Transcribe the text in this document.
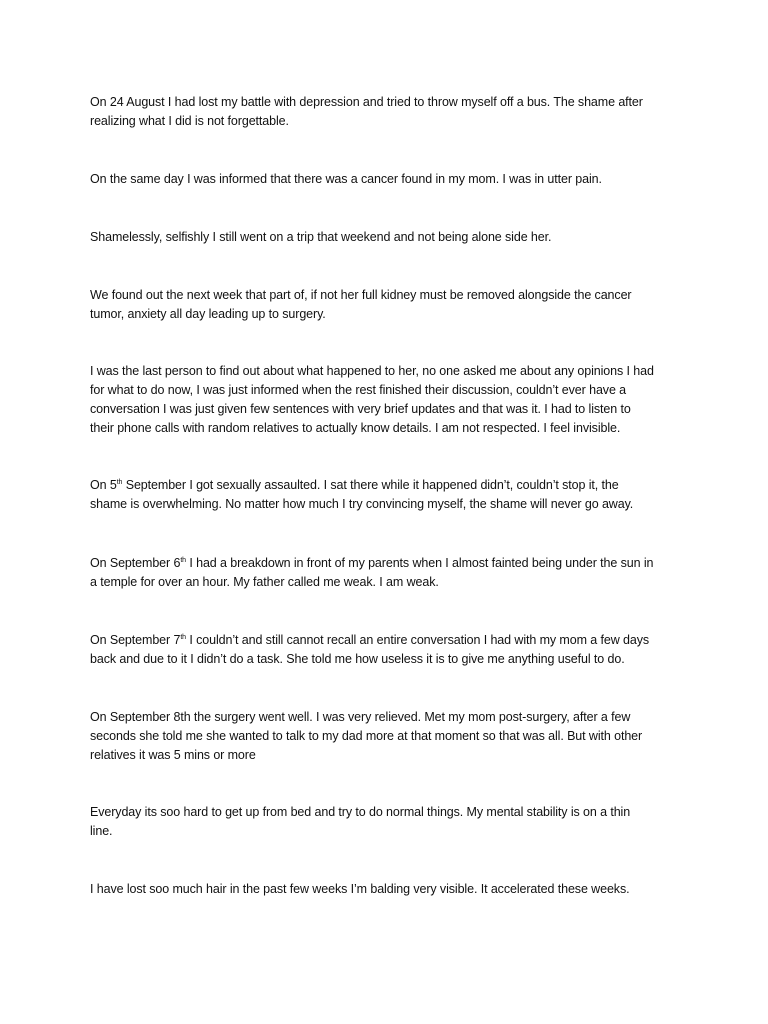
On 24 August I had lost my battle with depression and tried to throw myself off a bus. The shame after
realizing what I did is not forgettable.

On the same day I was informed that there was a cancer found in my mom. I was in utter pain.

Shamelessly, selfishly I still went on a trip that weekend and not being alone side her.

We found out the next week that part of, if not her full kidney must be removed alongside the cancer
tumor, anxiety all day leading up to surgery.

I was the last person to find out about what happened to her, no one asked me about any opinions I had
for what to do now, I was just informed when the rest finished their discussion, couldn’t ever have a
conversation I was just given few sentences with very brief updates and that was it. I had to listen to
their phone calls with random relatives to actually know details. I am not respected. I feel invisible.

On 5th September I got sexually assaulted. I sat there while it happened didn’t, couldn’t stop it, the
shame is overwhelming. No matter how much I try convincing myself, the shame will never go away.

On September 6th I had a breakdown in front of my parents when I almost fainted being under the sun in
a temple for over an hour. My father called me weak. I am weak.

On September 7th I couldn’t and still cannot recall an entire conversation I had with my mom a few days
back and due to it I didn’t do a task. She told me how useless it is to give me anything useful to do.

On September 8th the surgery went well. I was very relieved. Met my mom post-surgery, after a few
seconds she told me she wanted to talk to my dad more at that moment so that was all. But with other
relatives it was 5 mins or more

Everyday its soo hard to get up from bed and try to do normal things. My mental stability is on a thin
line.

I have lost soo much hair in the past few weeks I’m balding very visible. It accelerated these weeks.
